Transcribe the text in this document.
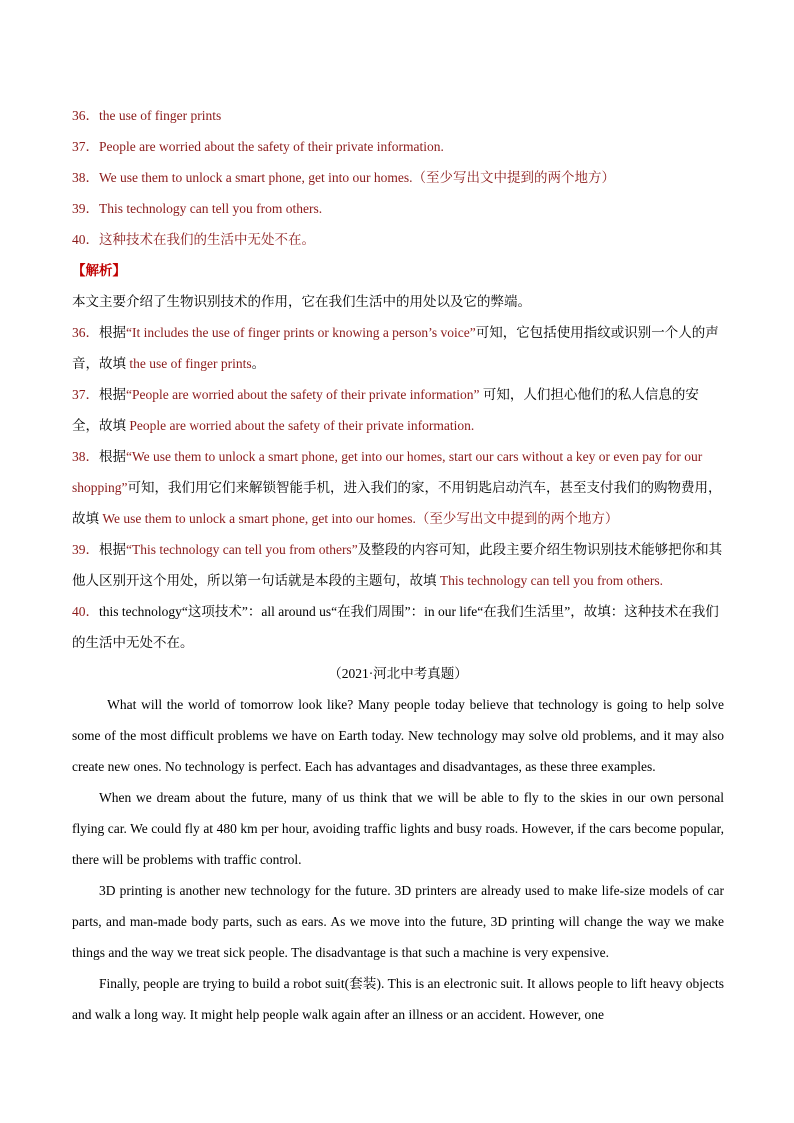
36．the use of finger prints
37．People are worried about the safety of their private information.
38．We use them to unlock a smart phone, get into our homes.（至少写出文中提到的两个地方）
39．This technology can tell you from others.
40．这种技术在我们的生活中无处不在。
【解析】
本文主要介绍了生物识别技术的作用，它在我们生活中的用处以及它的弊端。
36．根据“It includes the use of finger prints or knowing a person’s voice”可知，它包括使用指纹或识别一个人的声音，故填 the use of finger prints。
37．根据“People are worried about the safety of their private information” 可知，人们担心他们的私人信息的安全，故填 People are worried about the safety of their private information.
38．根据“We use them to unlock a smart phone, get into our homes, start our cars without a key or even pay for our shopping”可知，我们用它们来解锁智能手机，进入我们的家，不用钥匙启动汽车，甚至支付我们的购物费用，故填 We use them to unlock a smart phone, get into our homes.（至少写出文中提到的两个地方）
39．根据“This technology can tell you from others”及整段的内容可知，此段主要介绍生物识别技术能够把你和其他人区别开这个用处，所以第一句话就是本段的主题句，故填 This technology can tell you from others.
40．this technology“这项技术”：all around us“在我们周围”：in our life“在我们生活里”，故填：这种技术在我们的生活中无处不在。
（2021·河北中考真题）
What will the world of tomorrow look like? Many people today believe that technology is going to help solve some of the most difficult problems we have on Earth today. New technology may solve old problems, and it may also create new ones. No technology is perfect. Each has advantages and disadvantages, as these three examples.
When we dream about the future, many of us think that we will be able to fly to the skies in our own personal flying car. We could fly at 480 km per hour, avoiding traffic lights and busy roads. However, if the cars become popular, there will be problems with traffic control.
3D printing is another new technology for the future. 3D printers are already used to make life-size models of car parts, and man-made body parts, such as ears. As we move into the future, 3D printing will change the way we make things and the way we treat sick people. The disadvantage is that such a machine is very expensive.
Finally, people are trying to build a robot suit(套装). This is an electronic suit. It allows people to lift heavy objects and walk a long way. It might help people walk again after an illness or an accident. However, one
